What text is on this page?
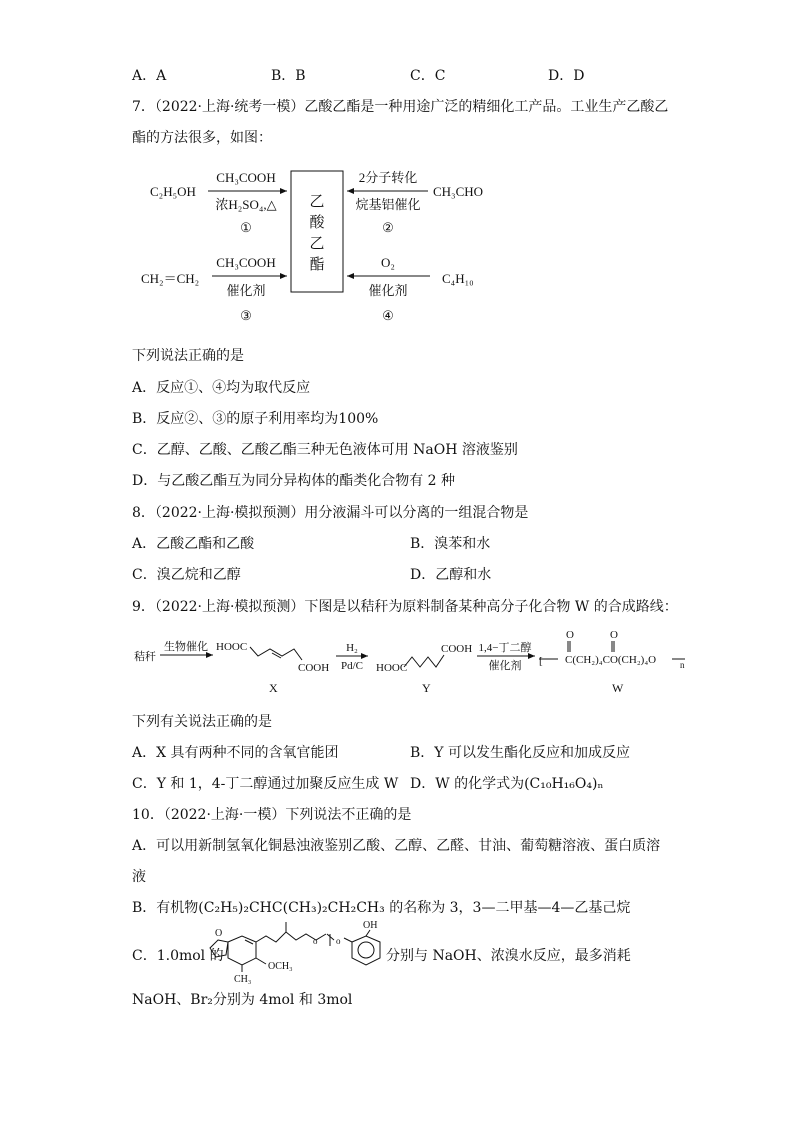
A．A	B．B	C．C	D．D
7．（2022·上海·统考一模）乙酸乙酯是一种用途广泛的精细化工产品。工业生产乙酸乙
酯的方法很多，如图：
乙
酸
乙
酯
C₂H₅OH
CH₃COOH
浓H₂SO₄,△
①
2分子转化
烷基铝催化
②
CH₃CHO
CH₂＝CH₂
CH₃COOH
催化剂
③
O₂
催化剂
④
C₄H₁₀
下列说法正确的是
A．反应①、④均为取代反应
B．反应②、③的原子利用率均为100%
C．乙醇、乙酸、乙酸乙酯三种无色液体可用 NaOH 溶液鉴别
D．与乙酸乙酯互为同分异构体的酯类化合物有 2 种
8．（2022·上海·模拟预测）用分液漏斗可以分离的一组混合物是
A．乙酸乙酯和乙酸	B．溴苯和水
C．溴乙烷和乙醇	D．乙醇和水
9．（2022·上海·模拟预测）下图是以秸秆为原料制备某种高分子化合物 W 的合成路线：
秸秆
生物催化 HOOC
COOH
X
H₂
Pd/C
COOH
HOOC
Y
1,4−丁二醇
催化剂 [
O
C(CH₂)₄CO(CH₂)₄O
O
n
W
下列有关说法正确的是
A．X 具有两种不同的含氧官能团	B．Y 可以发生酯化反应和加成反应
C．Y 和 1，4-丁二醇通过加聚反应生成 W D．W 的化学式为(C₁₀H₁₆O₄)ₙ
10．（2022·上海·一模）下列说法不正确的是
A．可以用新制氢氧化铜悬浊液鉴别乙酸、乙醇、乙醛、甘油、葡萄糖溶液、蛋白质溶
液
B．有机物(C₂H₅)₂CHC(CH₃)₂CH₂CH₃ 的名称为 3，3—二甲基—4—乙基己烷
C．1.0mol 的
O
CH₃
OCH₃
o o
OH
分别与 NaOH、浓溴水反应，最多消耗
NaOH、Br₂分别为 4mol 和 3mol
